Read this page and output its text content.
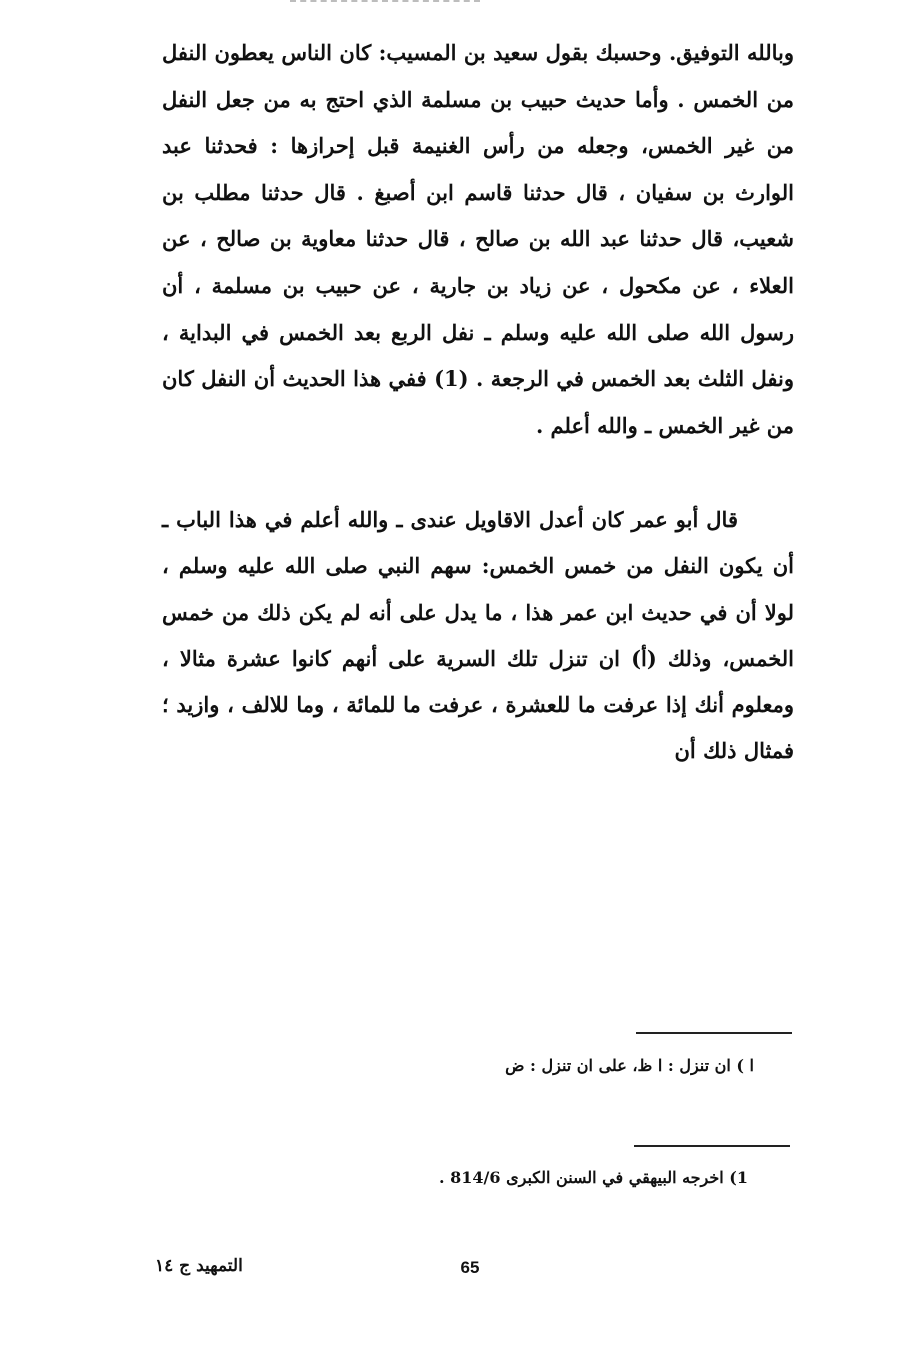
وبالله التوفيق. وحسبك بقول سعيد بن المسيب: كان الناس يعطون النفل من الخمس . وأما حديث حبيب بن مسلمة الذي احتج به من جعل النفل من غير الخمس، وجعله من رأس الغنيمة قبل إحرازها : فحدثنا عبد الوارث بن سفيان ، قال حدثنا قاسم ابن أصبغ . قال حدثنا مطلب بن شعيب، قال حدثنا عبد الله بن صالح ، قال حدثنا معاوية بن صالح ، عن العلاء ، عن مكحول ، عن زياد بن جارية ، عن حبيب بن مسلمة ، أن رسول الله صلى الله عليه وسلم ـ نفل الربع بعد الخمس في البداية ، ونفل الثلث بعد الخمس في الرجعة . (1) ففي هذا الحديث أن النفل كان من غير الخمس ـ والله أعلم .

قال أبو عمر كان أعدل الاقاويل عندى ـ والله أعلم في هذا الباب ـ أن يكون النفل من خمس الخمس: سهم النبي صلى الله عليه وسلم ، لولا أن في حديث ابن عمر هذا ، ما يدل على أنه لم يكن ذلك من خمس الخمس، وذلك (أ) ان تنزل تلك السرية على أنهم كانوا عشرة مثالا ، ومعلوم أنك إذا عرفت ما للعشرة ، عرفت ما للمائة ، وما للالف ، وازيد ؛ فمثال ذلك أن

ا ) ان تنزل : ا ظ، على ان تنزل : ض

1) اخرجه البيهقي في السنن الكبرى 814/6 .

65
التمهيد ج ١٤
